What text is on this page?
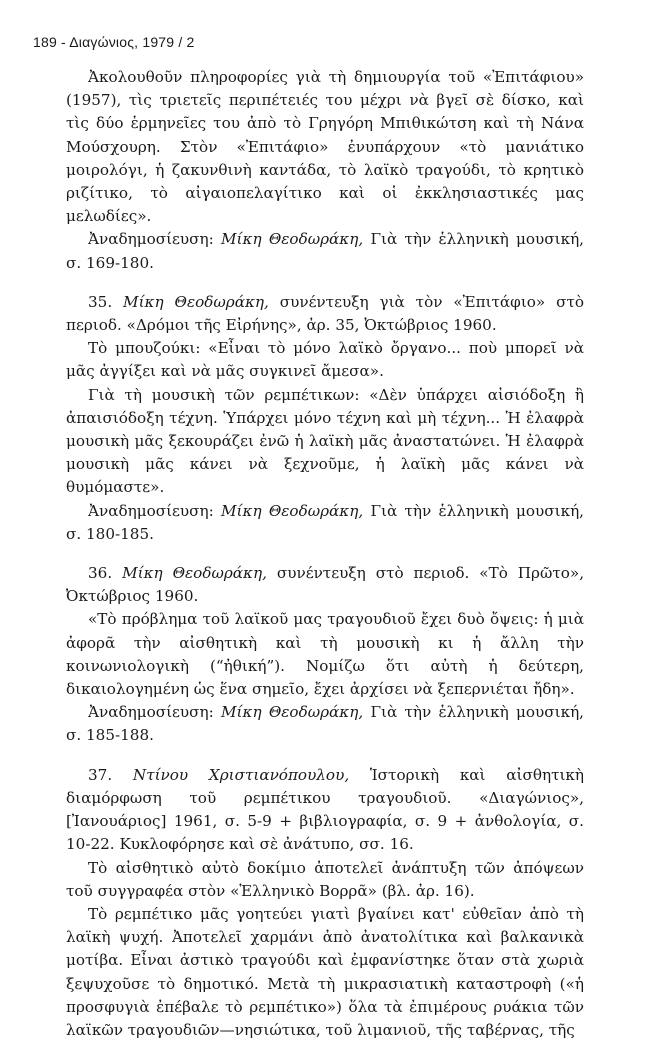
189 - Διαγώνιος, 1979 / 2

Ἀκολουθοῦν πληροφορίες γιὰ τὴ δημιουργία τοῦ «Ἐπιτάφιου» (1957), τὶς τριετεῖς περιπέτειές του μέχρι νὰ βγεῖ σὲ δίσκο, καὶ τὶς δύο ἑρμηνεῖες του ἀπὸ τὸ Γρηγόρη Μπιθικώτση καὶ τὴ Νάνα Μούσχουρη. Στὸν «Ἐπιτάφιο» ἐνυπάρχουν «τὸ μανιάτικο μοιρολόγι, ἡ ζακυνθινὴ καντάδα, τὸ λαϊκὸ τραγούδι, τὸ κρητικὸ ριζίτικο, τὸ αἰγαιοπελαγίτικο καὶ οἱ ἐκκλησιαστικές μας μελωδίες».

Ἀναδημοσίευση: Μίκη Θεοδωράκη, Γιὰ τὴν ἑλληνικὴ μουσική, σ. 169-180.

35. Μίκη Θεοδωράκη, συνέντευξη γιὰ τὸν «Ἐπιτάφιο» στὸ περιοδ. «Δρόμοι τῆς Εἰρήνης», ἀρ. 35, Ὀκτώβριος 1960.

Τὸ μπουζούκι: «Εἶναι τὸ μόνο λαϊκὸ ὄργανο... ποὺ μπορεῖ νὰ μᾶς ἀγγίξει καὶ νὰ μᾶς συγκινεῖ ἄμεσα».

Γιὰ τὴ μουσικὴ τῶν ρεμπέτικων: «Δὲν ὑπάρχει αἰσιόδοξη ἢ ἀπαισιόδοξη τέχνη. Ὑπάρχει μόνο τέχνη καὶ μὴ τέχνη... Ἡ ἐλαφρὰ μουσικὴ μᾶς ξεκουράζει ἐνῶ ἡ λαϊκὴ μᾶς ἀναστατώνει. Ἡ ἐλαφρὰ μουσικὴ μᾶς κάνει νὰ ξεχνοῦμε, ἡ λαϊκὴ μᾶς κάνει νὰ θυμόμαστε».

Ἀναδημοσίευση: Μίκη Θεοδωράκη, Γιὰ τὴν ἑλληνικὴ μουσική, σ. 180-185.

36. Μίκη Θεοδωράκη, συνέντευξη στὸ περιοδ. «Τὸ Πρῶτο», Ὀκτώβριος 1960.

«Τὸ πρόβλημα τοῦ λαϊκοῦ μας τραγουδιοῦ ἔχει δυὸ ὄψεις: ἡ μιὰ ἀφορᾶ τὴν αἰσθητικὴ καὶ τὴ μουσικὴ κι ἡ ἄλλη τὴν κοινωνιολογικὴ (“ἠθική”). Νομίζω ὅτι αὐτὴ ἡ δεύτερη, δικαιολογημένη ὡς ἕνα σημεῖο, ἔχει ἀρχίσει νὰ ξεπερνιέται ἤδη».

Ἀναδημοσίευση: Μίκη Θεοδωράκη, Γιὰ τὴν ἑλληνικὴ μουσική, σ. 185-188.

37. Ντίνου Χριστιανόπουλου, Ἱστορικὴ καὶ αἰσθητικὴ διαμόρφωση τοῦ ρεμπέτικου τραγουδιοῦ. «Διαγώνιος», [Ἰανουάριος] 1961, σ. 5-9 + βιβλιογραφία, σ. 9 + ἀνθολογία, σ. 10-22. Κυκλοφόρησε καὶ σὲ ἀνάτυπο, σσ. 16.

Τὸ αἰσθητικὸ αὐτὸ δοκίμιο ἀποτελεῖ ἀνάπτυξη τῶν ἀπόψεων τοῦ συγγραφέα στὸν «Ἑλληνικὸ Βορρᾶ» (βλ. ἀρ. 16).

Τὸ ρεμπέτικο μᾶς γοητεύει γιατὶ βγαίνει κατ' εὐθεῖαν ἀπὸ τὴ λαϊκὴ ψυχή. Ἀποτελεῖ χαρμάνι ἀπὸ ἀνατολίτικα καὶ βαλκανικὰ μοτίβα. Εἶναι ἀστικὸ τραγούδι καὶ ἐμφανίστηκε ὅταν στὰ χωριὰ ξεψυχοῦσε τὸ δημοτικό. Μετὰ τὴ μικρασιατικὴ καταστροφὴ («ἡ προσφυγιὰ ἐπέβαλε τὸ ρεμπέτικο») ὅλα τὰ ἐπιμέρους ρυάκια τῶν λαϊκῶν τραγουδιῶν—νησιώτικα, τοῦ λιμανιοῦ, τῆς ταβέρνας, τῆς
